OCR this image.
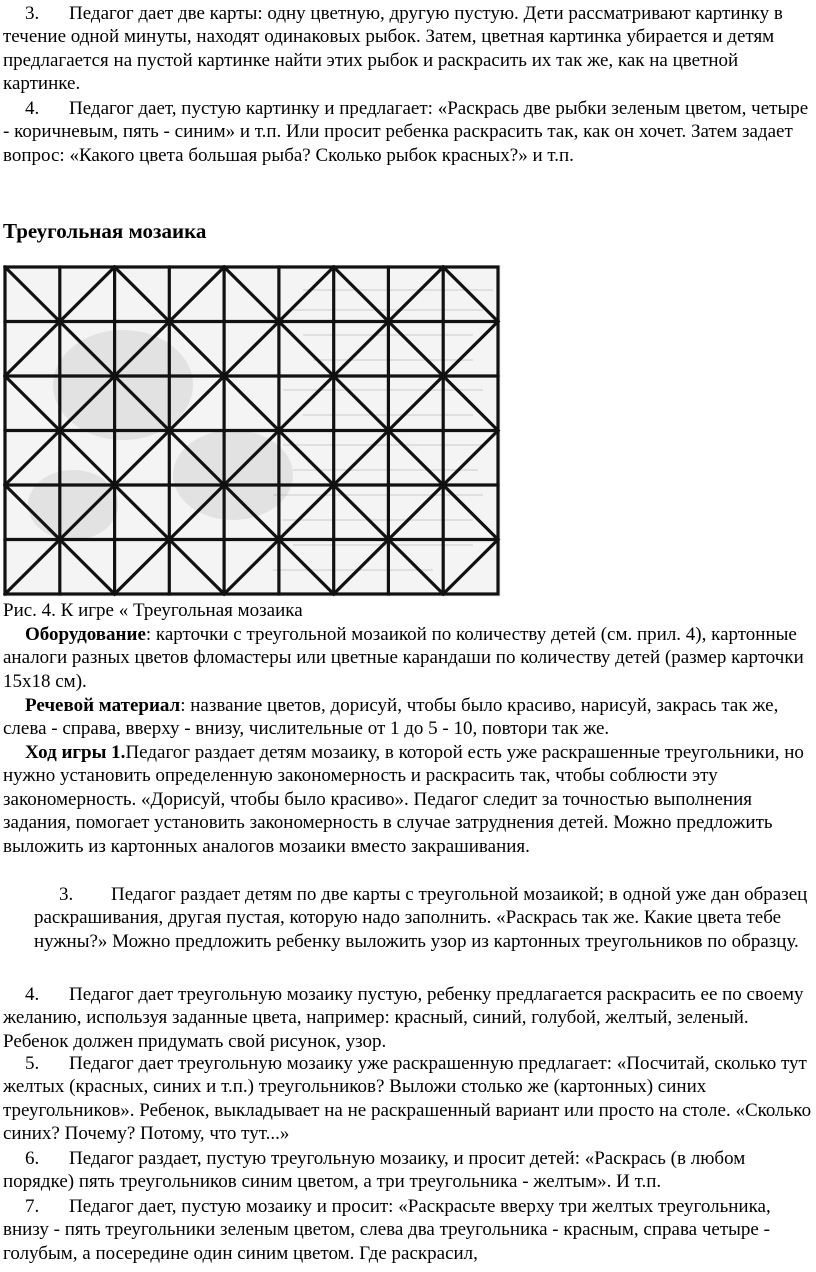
3. Педагог дает две карты: одну цветную, другую пустую. Дети рассматривают картинку в течение одной минуты, находят одинаковых рыбок. Затем, цветная картинка убирается и детям предлагается на пустой картинке найти этих рыбок и раскрасить их так же, как на цветной картинке.

4. Педагог дает, пустую картинку и предлагает: «Раскрась две рыбки зеленым цветом, четыре - коричневым, пять - синим» и т.п. Или просит ребенка раскрасить так, как он хочет. Затем задает вопрос: «Какого цвета большая рыба? Сколько рыбок красных?» и т.п.

Треугольная мозаика

Рис. 4. К игре « Треугольная мозаика

Оборудование: карточки с треугольной мозаикой по количеству детей (см. прил. 4), картонные аналоги разных цветов фломастеры или цветные карандаши по количеству детей (размер карточки 15х18 см).

Речевой материал: название цветов, дорисуй, чтобы было красиво, нарисуй, закрась так же, слева - справа, вверху - внизу, числительные от 1 до 5 - 10, повтори так же.

Ход игры 1.Педагог раздает детям мозаику, в которой есть уже раскрашенные треугольники, но нужно установить определенную закономерность и раскрасить так, чтобы соблюсти эту закономерность. «Дорисуй, чтобы было красиво». Педагог следит за точностью выполнения задания, помогает установить закономерность в случае затруднения детей. Можно предложить выложить из картонных аналогов мозаики вместо закрашивания.

3. Педагог раздает детям по две карты с треугольной мозаикой; в одной уже дан образец раскрашивания, другая пустая, которую надо заполнить. «Раскрась так же. Какие цвета тебе нужны?» Можно предложить ребенку выложить узор из картонных треугольников по образцу.

4. Педагог дает треугольную мозаику пустую, ребенку предлагается раскрасить ее по своему желанию, используя заданные цвета, например: красный, синий, голубой, желтый, зеленый. Ребенок должен придумать свой рисунок, узор.

5. Педагог дает треугольную мозаику уже раскрашенную предлагает: «Посчитай, сколько тут желтых (красных, синих и т.п.) треугольников? Выложи столько же (картонных) синих треугольников». Ребенок, выкладывает на не раскрашенный вариант или просто на столе. «Сколько синих? Почему? Потому, что тут...»

6. Педагог раздает, пустую треугольную мозаику, и просит детей: «Раскрась (в любом порядке) пять треугольников синим цветом, а три треугольника - желтым». И т.п.

7. Педагог дает, пустую мозаику и просит: «Раскрасьте вверху три желтых треугольника, внизу - пять треугольники зеленым цветом, слева два треугольника - красным, справа четыре - голубым, а посередине один синим цветом. Где раскрасил,
